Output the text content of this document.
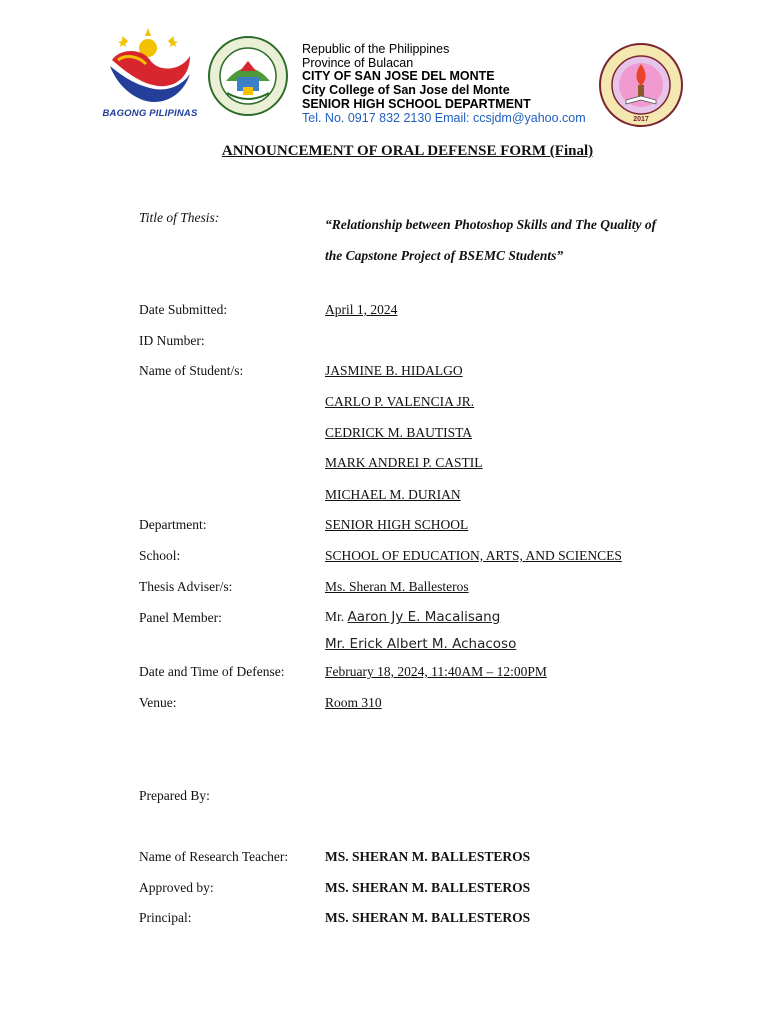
BAGONG PILIPINAS
Republic of the Philippines
Province of Bulacan
CITY OF SAN JOSE DEL MONTE
City College of San Jose del Monte
SENIOR HIGH SCHOOL DEPARTMENT
Tel. No. 0917 832 2130 Email: ccsjdm@yahoo.com	2017
ANNOUNCEMENT OF ORAL DEFENSE FORM (Final)
Title of Thesis:	“Relationship between Photoshop Skills and The Quality of the Capstone Project of BSEMC Students”
Date Submitted:	April 1, 2024
ID Number:
Name of Student/s:	JASMINE B. HIDALGO
CARLO P. VALENCIA JR.
CEDRICK M. BAUTISTA
MARK ANDREI P. CASTIL
MICHAEL M. DURIAN
Department:	SENIOR HIGH SCHOOL
School:	SCHOOL OF EDUCATION, ARTS, AND SCIENCES
Thesis Adviser/s:	Ms. Sheran M. Ballesteros
Panel Member:	Mr. Aaron Jy E. Macalisang
Mr. Erick Albert M. Achacoso
Date and Time of Defense:	February 18, 2024, 11:40AM – 12:00PM
Venue:	Room 310
Prepared By:
Name of Research Teacher:	MS. SHERAN M. BALLESTEROS
Approved by:	MS. SHERAN M. BALLESTEROS
Principal:	MS. SHERAN M. BALLESTEROS
